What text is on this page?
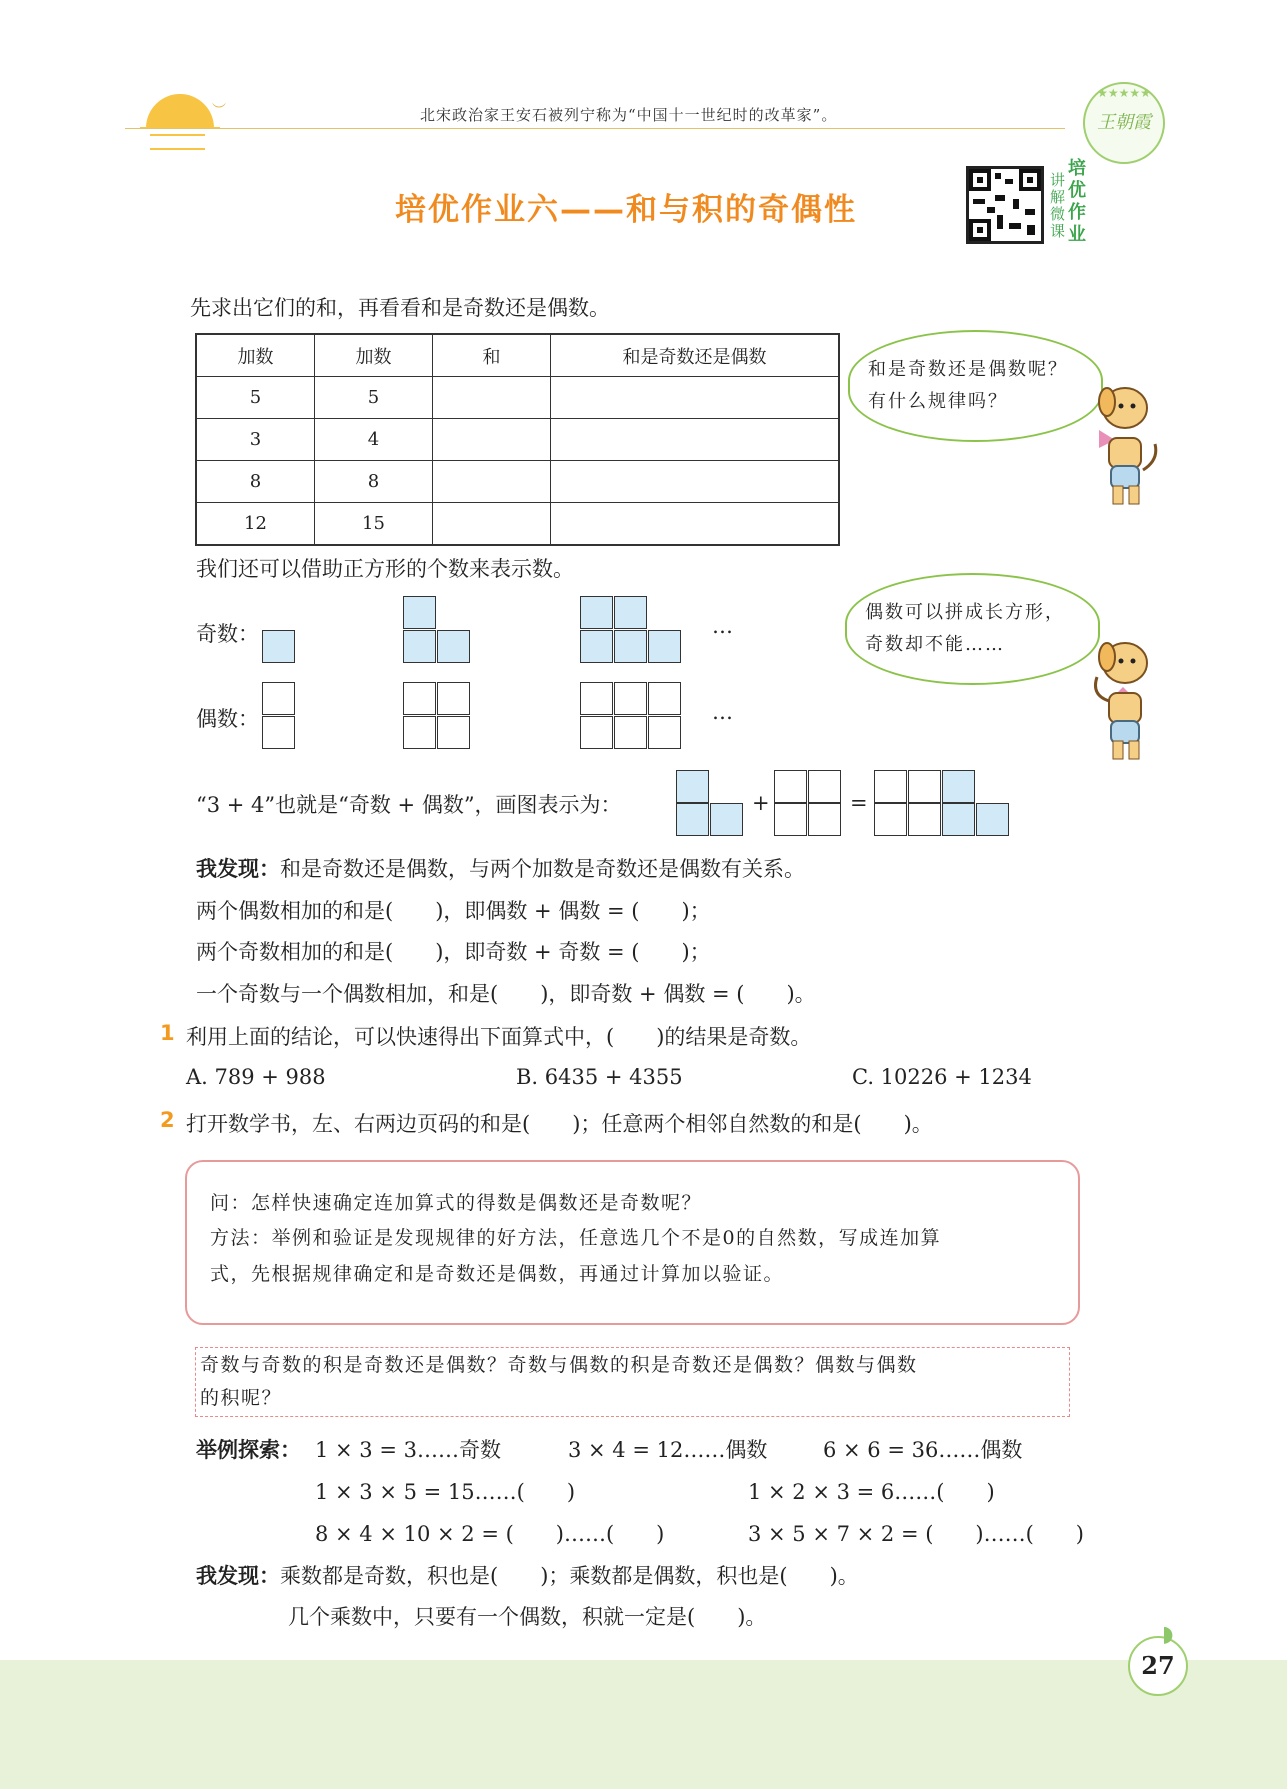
︶	北宋政治家王安石被列宁称为“中国十一世纪时的改革家”。
★★★★★
王朝霞
培优作业六——和与积的奇偶性
讲解微课
培优作业
先求出它们的和，再看看和是奇数还是偶数。
加数	加数	和	和是奇数还是偶数
5	5		
3	4		
8	8		
12	15		
和是奇数还是偶数呢？有什么规律吗？
我们还可以借助正方形的个数来表示数。
奇数：
偶数：
…
…
偶数可以拼成长方形，奇数却不能……
“3 + 4”也就是“奇数 + 偶数”，画图表示为：	+	=
我发现：和是奇数还是偶数，与两个加数是奇数还是偶数有关系。
两个偶数相加的和是(　　)，即偶数 + 偶数 = (　　)；
两个奇数相加的和是(　　)，即奇数 + 奇数 = (　　)；
一个奇数与一个偶数相加，和是(　　)，即奇数 + 偶数 = (　　)。
1 利用上面的结论，可以快速得出下面算式中，(　　)的结果是奇数。
A. 789 + 988	B. 6435 + 4355	C. 10226 + 1234
2 打开数学书，左、右两边页码的和是(　　)；任意两个相邻自然数的和是(　　)。
问：怎样快速确定连加算式的得数是偶数还是奇数呢？
方法：举例和验证是发现规律的好方法，任意选几个不是0的自然数，写成连加算
式，先根据规律确定和是奇数还是偶数，再通过计算加以验证。
奇数与奇数的积是奇数还是偶数？奇数与偶数的积是奇数还是偶数？偶数与偶数
的积呢？
举例探索： 1 × 3 = 3……奇数	3 × 4 = 12……偶数	6 × 6 = 36……偶数
1 × 3 × 5 = 15……(　　)	1 × 2 × 3 = 6……(　　)
8 × 4 × 10 × 2 = (　　)……(　　)	3 × 5 × 7 × 2 = (　　)……(　　)
我发现：乘数都是奇数，积也是(　　)；乘数都是偶数，积也是(　　)。
几个乘数中，只要有一个偶数，积就一定是(　　)。
27
◗
